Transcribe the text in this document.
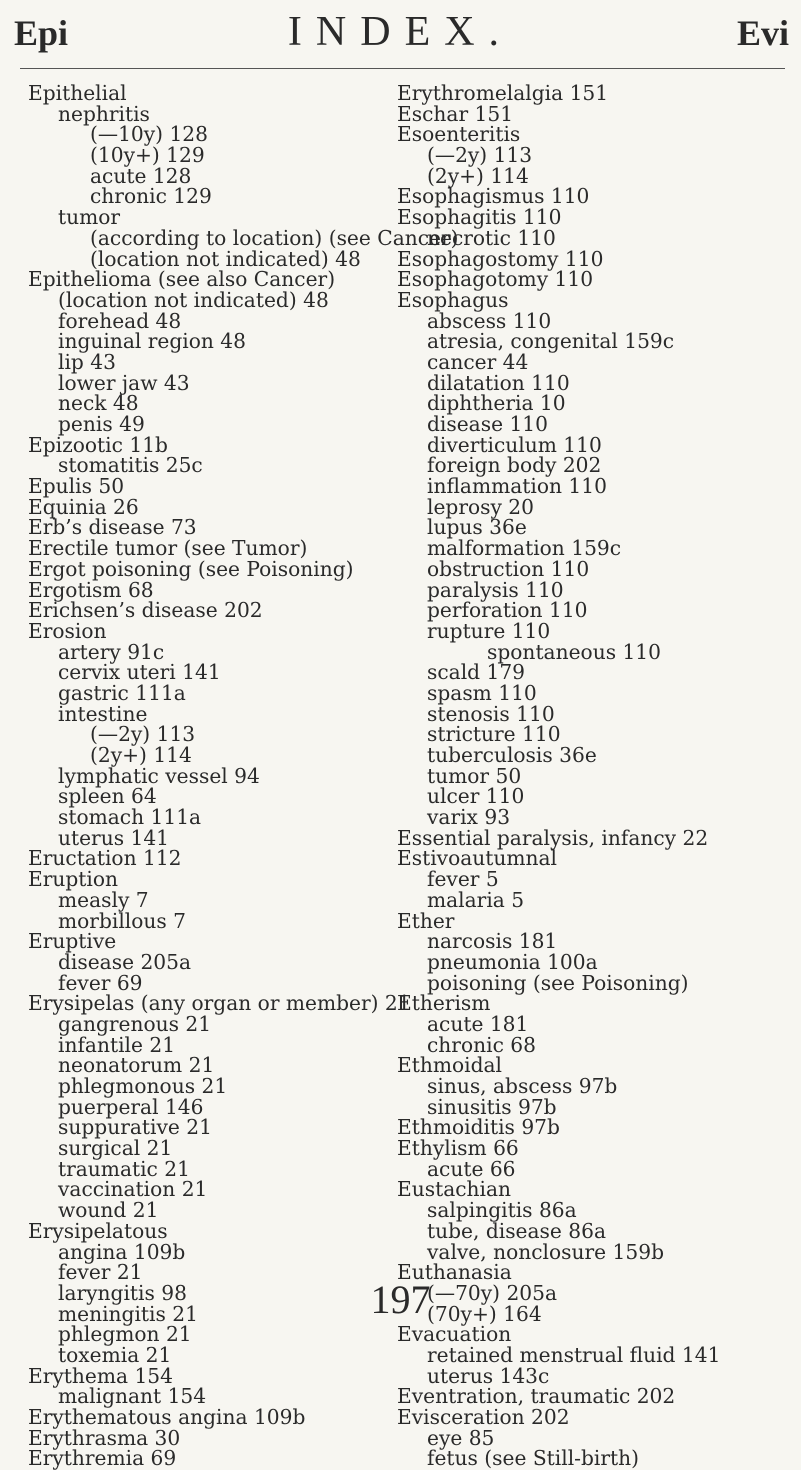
Epi	INDEX.	Evi
Epithelial
nephritis
(—10y) 128
(10y+) 129
acute 128
chronic 129
tumor
(according to location) (see Cancer)
(location not indicated) 48
Epithelioma (see also Cancer)
(location not indicated) 48
forehead 48
inguinal region 48
lip 43
lower jaw 43
neck 48
penis 49
Epizootic 11b
stomatitis 25c
Epulis 50
Equinia 26
Erb’s disease 73
Erectile tumor (see Tumor)
Ergot poisoning (see Poisoning)
Ergotism 68
Erichsen’s disease 202
Erosion
artery 91c
cervix uteri 141
gastric 111a
intestine
(—2y) 113
(2y+) 114
lymphatic vessel 94
spleen 64
stomach 111a
uterus 141
Eructation 112
Eruption
measly 7
morbillous 7
Eruptive
disease 205a
fever 69
Erysipelas (any organ or member) 21
gangrenous 21
infantile 21
neonatorum 21
phlegmonous 21
puerperal 146
suppurative 21
surgical 21
traumatic 21
vaccination 21
wound 21
Erysipelatous
angina 109b
fever 21
laryngitis 98
meningitis 21
phlegmon 21
toxemia 21
Erythema 154
malignant 154
Erythematous angina 109b
Erythrasma 30
Erythremia 69
Erythromelalgia 151
Eschar 151
Esoenteritis
(—2y) 113
(2y+) 114
Esophagismus 110
Esophagitis 110
necrotic 110
Esophagostomy 110
Esophagotomy 110
Esophagus
abscess 110
atresia, congenital 159c
cancer 44
dilatation 110
diphtheria 10
disease 110
diverticulum 110
foreign body 202
inflammation 110
leprosy 20
lupus 36e
malformation 159c
obstruction 110
paralysis 110
perforation 110
rupture 110
spontaneous 110
scald 179
spasm 110
stenosis 110
stricture 110
tuberculosis 36e
tumor 50
ulcer 110
varix 93
Essential paralysis, infancy 22
Estivoautumnal
fever 5
malaria 5
Ether
narcosis 181
pneumonia 100a
poisoning (see Poisoning)
Etherism
acute 181
chronic 68
Ethmoidal
sinus, abscess 97b
sinusitis 97b
Ethmoiditis 97b
Ethylism 66
acute 66
Eustachian
salpingitis 86a
tube, disease 86a
valve, nonclosure 159b
Euthanasia
(—70y) 205a
(70y+) 164
Evacuation
retained menstrual fluid 141
uterus 143c
Eventration, traumatic 202
Evisceration 202
eye 85
fetus (see Still-birth)
197
